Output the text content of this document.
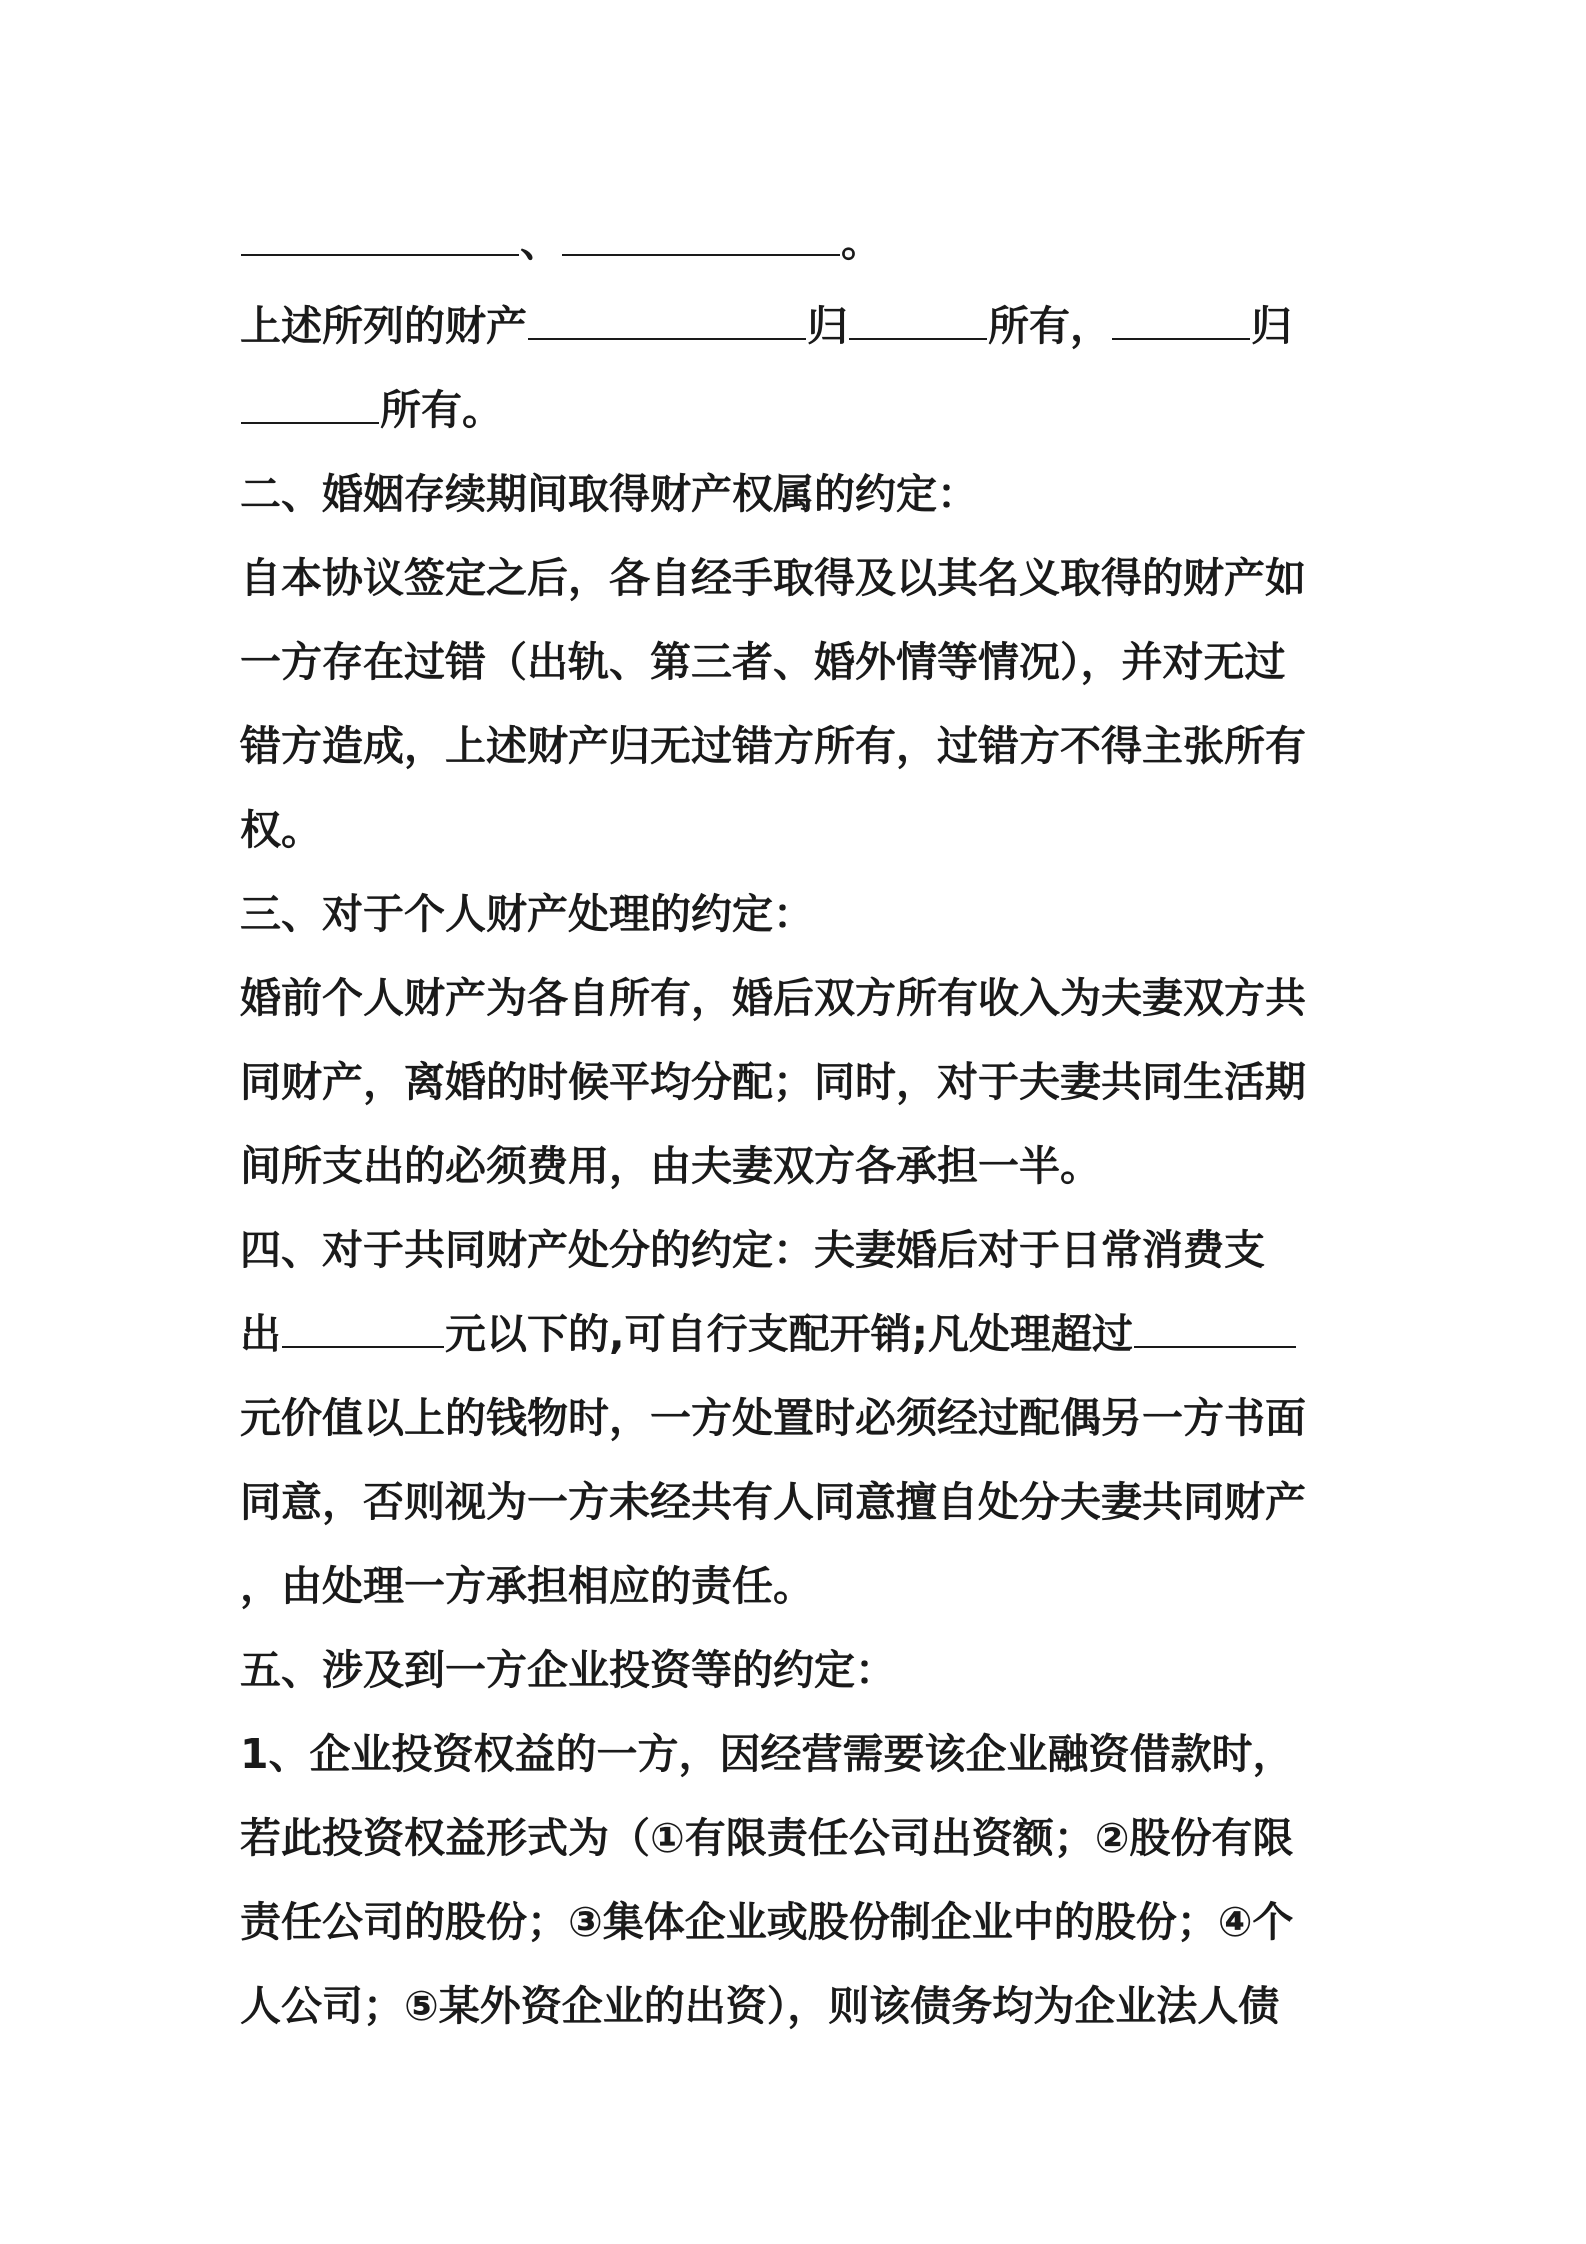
、	。
上述所列的财产	归	所有，	归
所有。
二、婚姻存续期间取得财产权属的约定：
自本协议签定之后，各自经手取得及以其名义取得的财产如
一方存在过错（出轨、第三者、婚外情等情况），并对无过
错方造成，上述财产归无过错方所有，过错方不得主张所有
权。
三、对于个人财产处理的约定：
婚前个人财产为各自所有，婚后双方所有收入为夫妻双方共
同财产，离婚的时候平均分配；同时，对于夫妻共同生活期
间所支出的必须费用，由夫妻双方各承担一半。
四、对于共同财产处分的约定：夫妻婚后对于日常消费支
出	元以下的,可自行支配开销;凡处理超过
元价值以上的钱物时，一方处置时必须经过配偶另一方书面
同意，否则视为一方未经共有人同意擅自处分夫妻共同财产
，由处理一方承担相应的责任。
五、涉及到一方企业投资等的约定：
1、企业投资权益的一方，因经营需要该企业融资借款时，
若此投资权益形式为（①有限责任公司出资额；②股份有限
责任公司的股份；③集体企业或股份制企业中的股份；④个
人公司；⑤某外资企业的出资），则该债务均为企业法人债
